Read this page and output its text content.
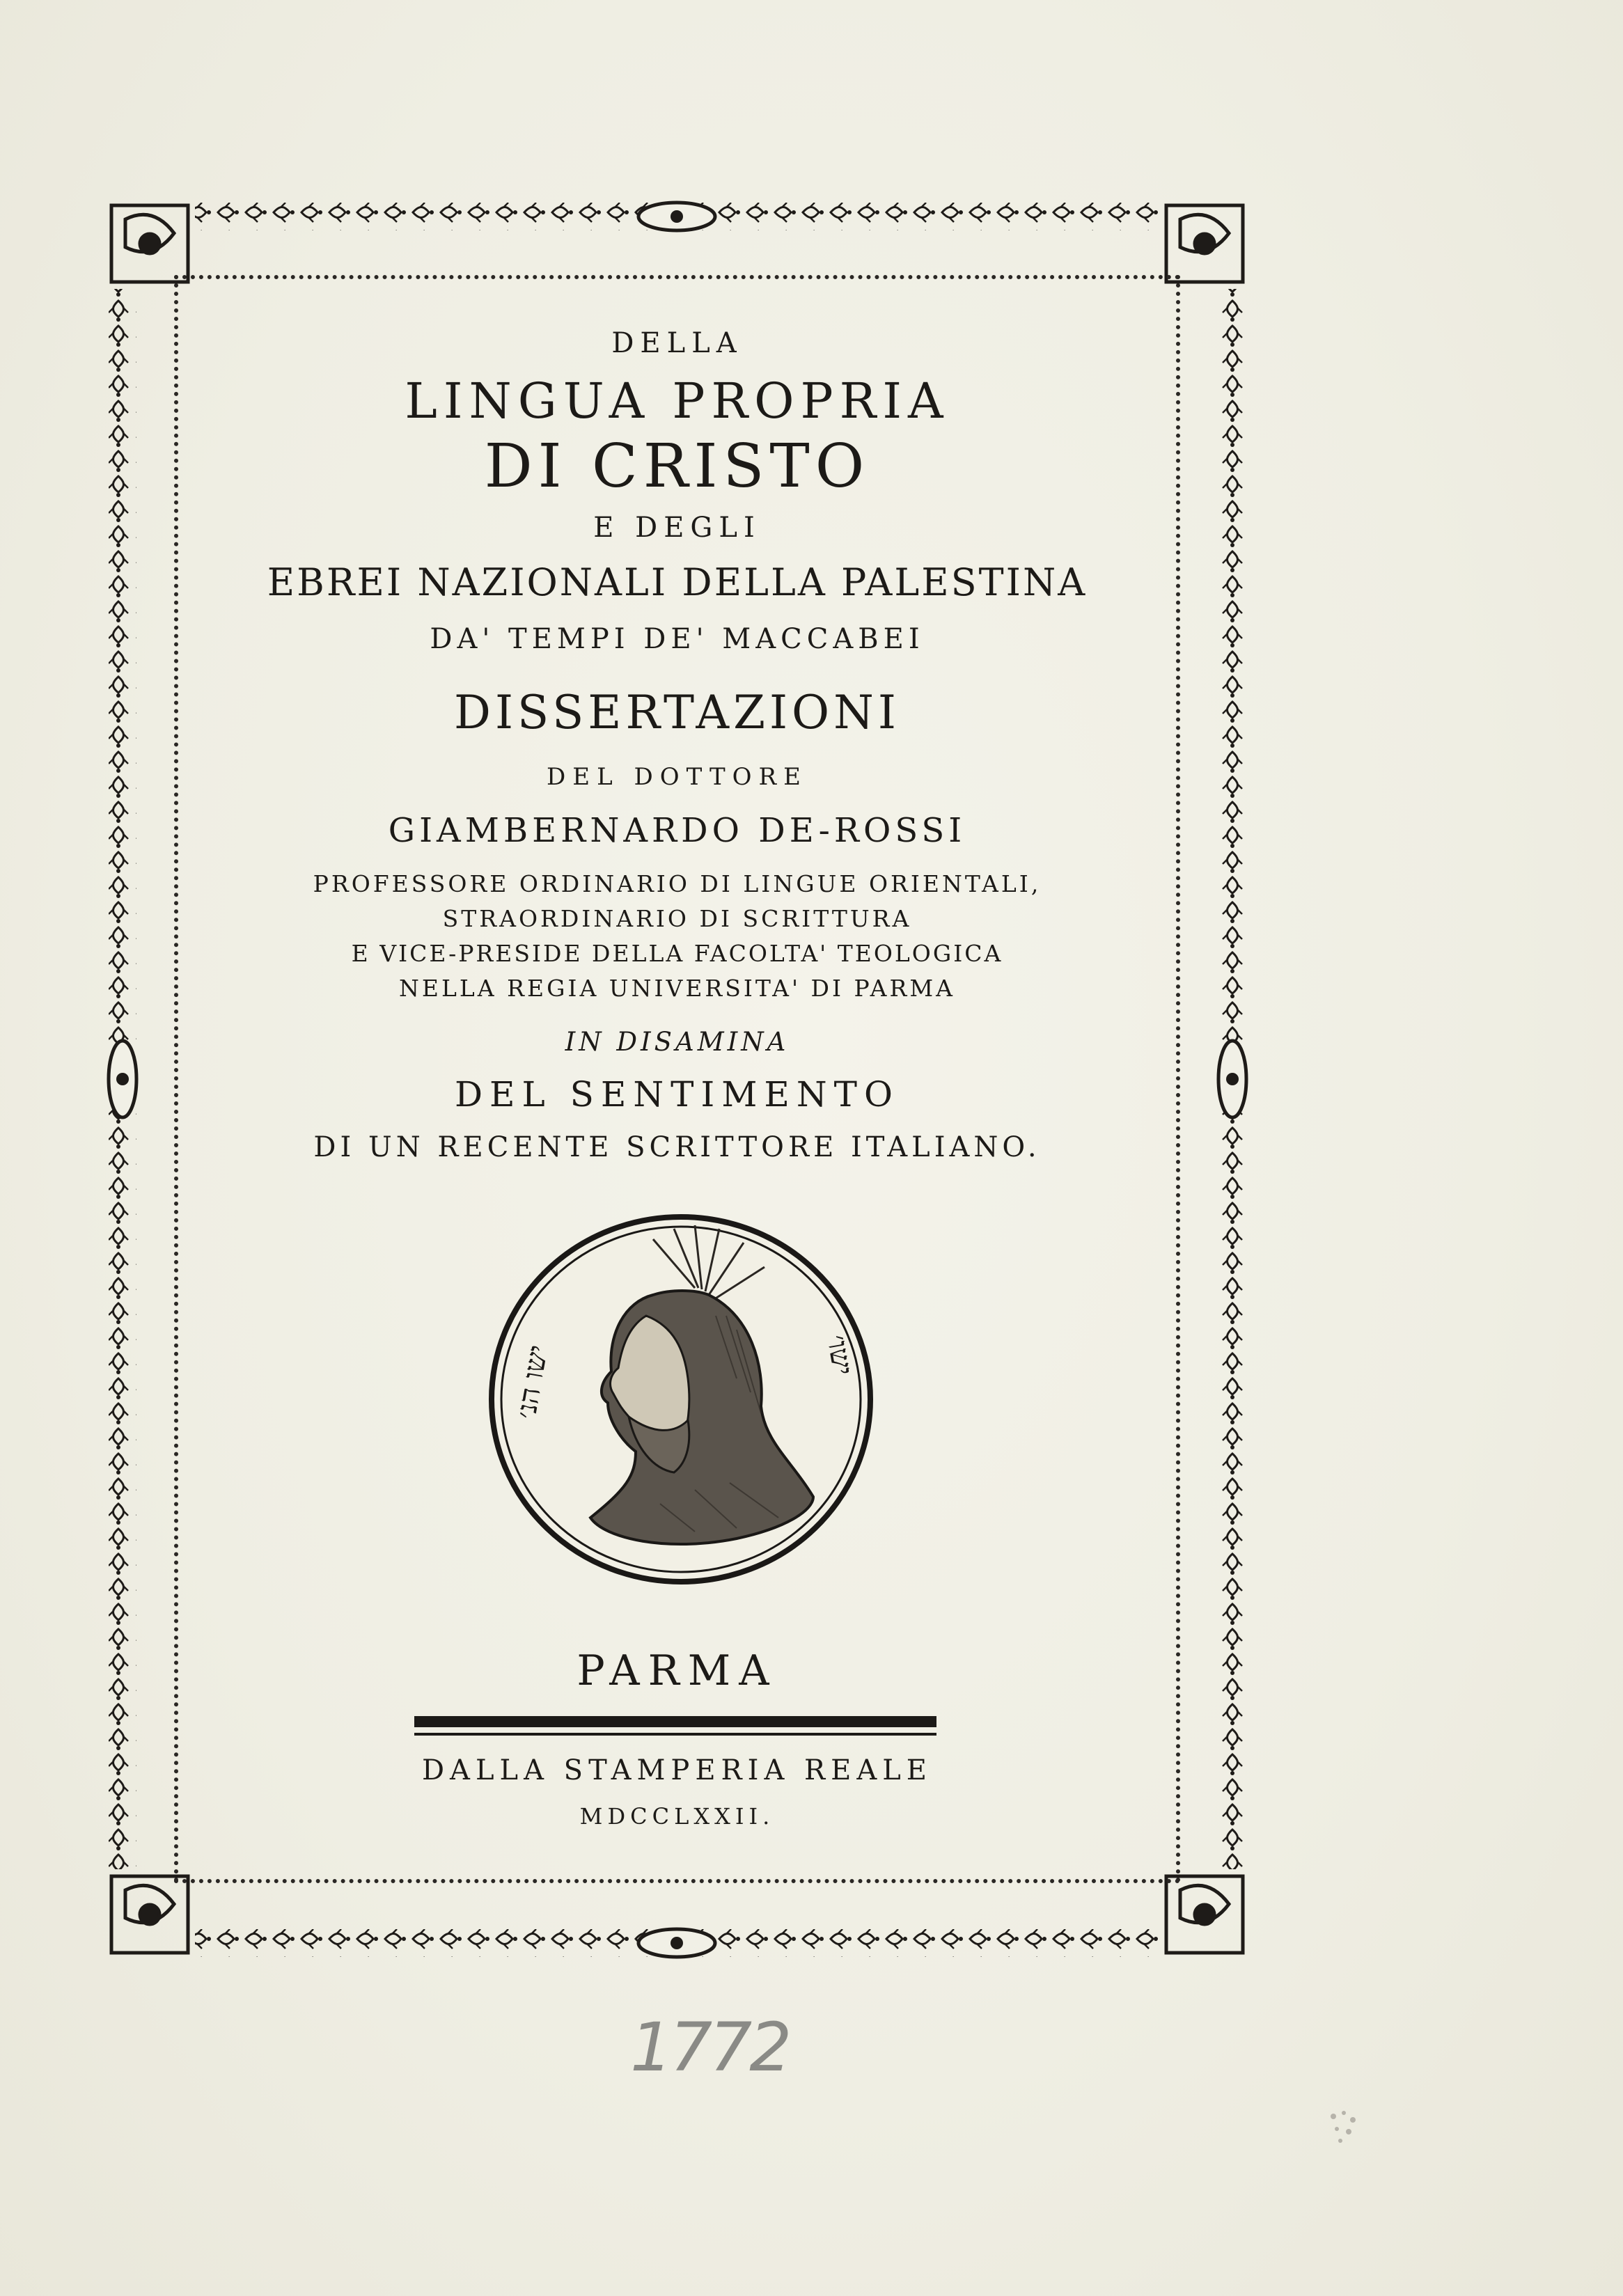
DELLA
LINGUA PROPRIA
DI CRISTO
E DEGLI
EBREI NAZIONALI DELLA PALESTINA
DA' TEMPI DE' MACCABEI
DISSERTAZIONI
DEL DOTTORE
GIAMBERNARDO DE-ROSSI
PROFESSORE ORDINARIO DI LINGUE ORIENTALI,
STRAORDINARIO DI SCRITTURA
E VICE-PRESIDE DELLA FACOLTA' TEOLOGICA
NELLA REGIA UNIVERSITA' DI PARMA
IN DISAMINA
DEL SENTIMENTO
DI UN RECENTE SCRITTORE ITALIANO.
PARMA
DALLA STAMPERIA REALE
MDCCLXXII.
ישו הנ׳	ישו׳
1772
